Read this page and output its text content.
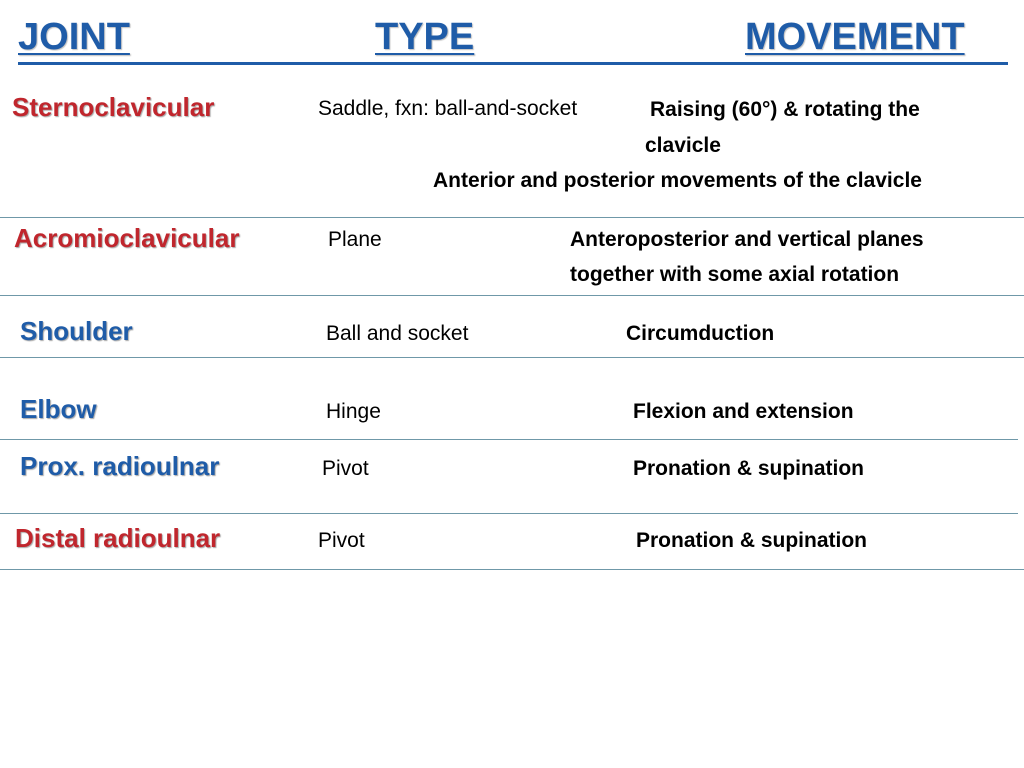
JOINT	TYPE	MOVEMENT
Sternoclavicular	Saddle, fxn: ball-and-socket	Raising (60°) & rotating the
clavicle
Anterior and posterior movements of the clavicle
Acromioclavicular	Plane	Anteroposterior and vertical planes
together with some axial rotation
Shoulder	Ball and socket	Circumduction
Elbow	Hinge	Flexion and extension
Prox. radioulnar	Pivot	Pronation & supination
Distal radioulnar	Pivot	Pronation & supination
